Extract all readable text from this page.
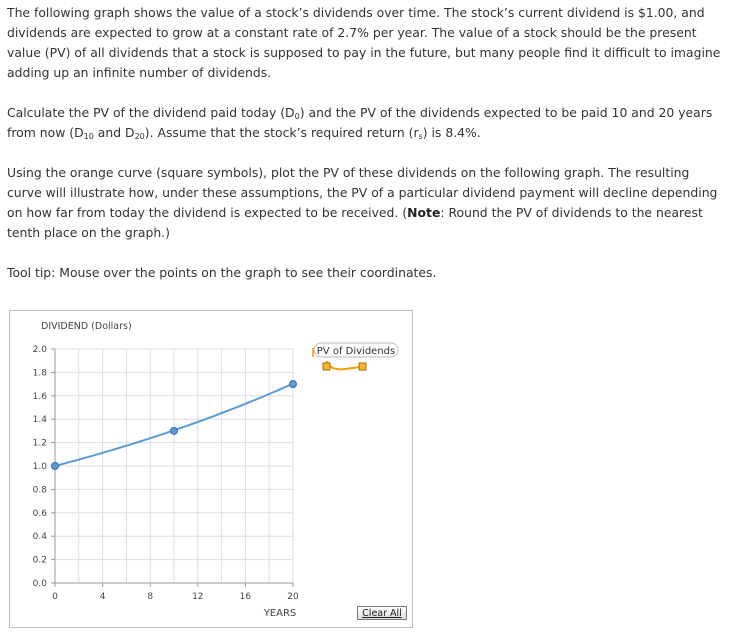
The following graph shows the value of a stock’s dividends over time. The stock’s current dividend is $1.00, and dividends are expected to grow at a constant rate of 2.7% per year. The value of a stock should be the present value (PV) of all dividends that a stock is supposed to pay in the future, but many people find it difficult to imagine adding up an infinite number of dividends.
Calculate the PV of the dividend paid today $(D_0)$ and the PV of the dividends expected to be paid 10 and 20 years from now ($D_{10}$ and $D_{20}$). Assume that the stock’s required return $(r_s)$ is 8.4%.
Using the orange curve (square symbols), plot the PV of these dividends on the following graph. The resulting curve will illustrate how, under these assumptions, the PV of a particular dividend payment will decline depending on how far from today the dividend is expected to be received. (Note: Round the PV of dividends to the nearest tenth place on the graph.)
Tool tip: Mouse over the points on the graph to see their coordinates.
0.0
0.2
0.4
0.6
0.8
1.0
1.2
1.4
1.6
1.8
2.0
0	4	8	12	16	20
DIVIDEND (Dollars)
YEARS
PV of Dividends
Clear All
